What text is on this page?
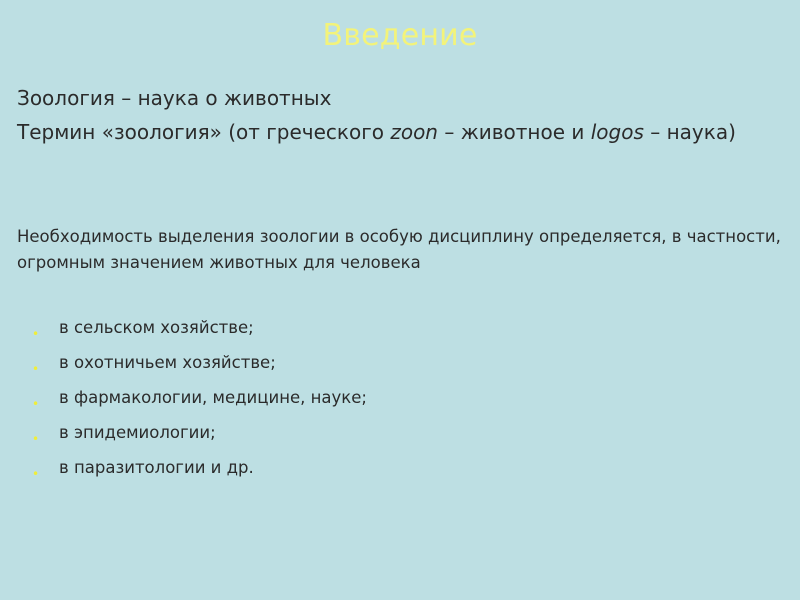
Введение
Зоология – наука о животных
Термин «зоология» (от греческого zoon – животное и logos – наука)
Необходимость выделения зоологии в особую дисциплину определяется, в частности, огромным значением животных для человека
• в сельском хозяйстве;
• в охотничьем хозяйстве;
• в фармакологии, медицине, науке;
• в эпидемиологии;
• в паразитологии и др.
